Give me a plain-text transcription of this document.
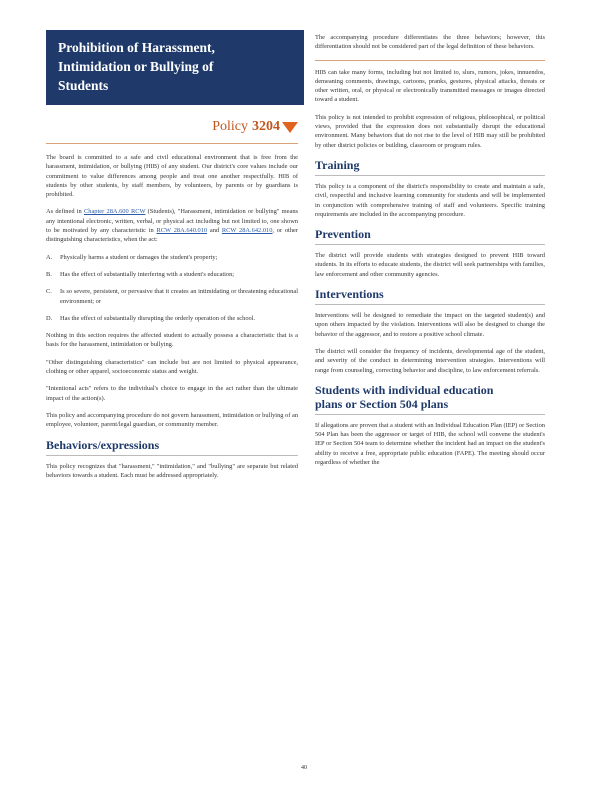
Prohibition of Harassment,
Intimidation or Bullying of
Students
Policy 3204

The board is committed to a safe and civil educational environment that is free from the harassment, intimidation, or bullying (HIB) of any student. Our district's core values include our commitment to value differences among people and treat one another respectfully. HIB of students by other students, by staff members, by volunteers, by parents or by guardians is prohibited.

As defined in Chapter 28A.600 RCW (Students), "Harassment, intimidation or bullying" means any intentional electronic, written, verbal, or physical act including but not limited to, one shown to be motivated by any characteristic in RCW 28A.640.010 and RCW 28A.642.010, or other distinguishing characteristics, when the act:

A. Physically harms a student or damages the student's property;
B. Has the effect of substantially interfering with a student's education;
C. Is so severe, persistent, or pervasive that it creates an intimidating or threatening educational environment; or
D. Has the effect of substantially disrupting the orderly operation of the school.

Nothing in this section requires the affected student to actually possess a characteristic that is a basis for the harassment, intimidation or bullying.

"Other distinguishing characteristics" can include but are not limited to physical appearance, clothing or other apparel, socioeconomic status and weight.

"Intentional acts" refers to the individual's choice to engage in the act rather than the ultimate impact of the action(s).

This policy and accompanying procedure do not govern harassment, intimidation or bullying of an employee, volunteer, parent/legal guardian, or community member.

Behaviors/expressions

This policy recognizes that "harassment," "intimidation," and "bullying" are separate but related behaviors towards a student. Each must be addressed appropriately.

The accompanying procedure differentiates the three behaviors; however, this differentiation should not be considered part of the legal definition of these behaviors.

HIB can take many forms, including but not limited to, slurs, rumors, jokes, innuendos, demeaning comments, drawings, cartoons, pranks, gestures, physical attacks, threats or other written, oral, or physical or electronically transmitted messages or images directed toward a student.

This policy is not intended to prohibit expression of religious, philosophical, or political views, provided that the expression does not substantially disrupt the educational environment. Many behaviors that do not rise to the level of HIB may still be prohibited by other district policies or building, classroom or program rules.

Training

This policy is a component of the district's responsibility to create and maintain a safe, civil, respectful and inclusive learning community for students and will be implemented in conjunction with comprehensive training of staff and volunteers. Specific training requirements are included in the accompanying procedure.

Prevention

The district will provide students with strategies designed to prevent HIB toward students. In its efforts to educate students, the district will seek partnerships with families, law enforcement and other community agencies.

Interventions

Interventions will be designed to remediate the impact on the targeted student(s) and upon others impacted by the violation. Interventions will also be designed to change the behavior of the aggressor, and to restore a positive school climate.

The district will consider the frequency of incidents, developmental age of the student, and severity of the conduct in determining intervention strategies. Interventions will range from counseling, correcting behavior and discipline, to law enforcement referrals.

Students with individual education
plans or Section 504 plans

If allegations are proven that a student with an Individual Education Plan (IEP) or Section 504 Plan has been the aggressor or target of HIB, the school will convene the student's IEP or Section 504 team to determine whether the incident had an impact on the student's ability to receive a free, appropriate public education (FAPE). The meeting should occur regardless of whether the

40
